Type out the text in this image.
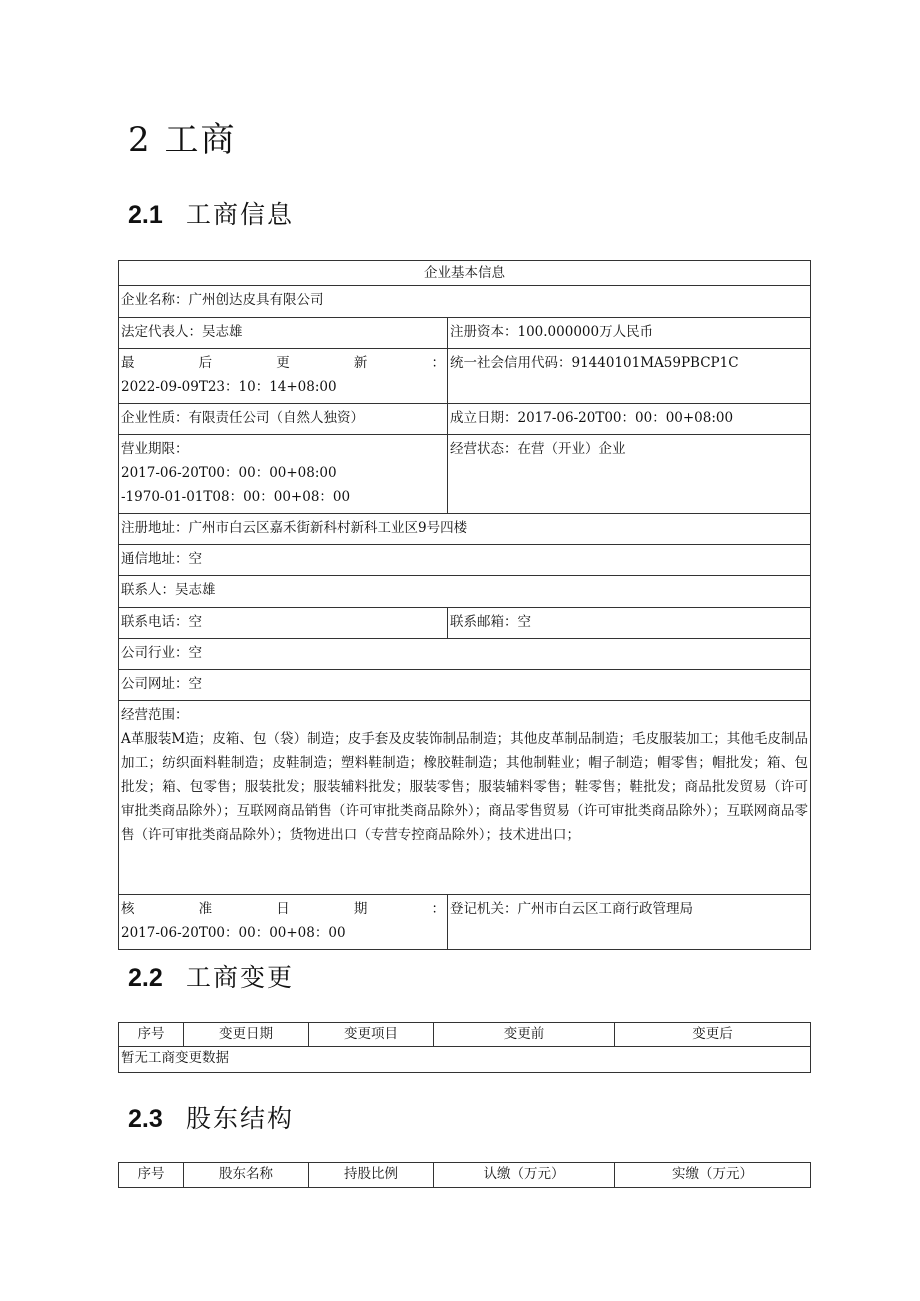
2 工商
2.1 工商信息
企业基本信息	
企业名称：广州创达皮具有限公司	
法定代表人：吴志雄	注册资本：100.000000万人民币

最后更新：
2022-09-09T23：10：14+08:00	统一社会信用代码：91440101MA59PBCP1C
企业性质：有限责任公司（自然人独资）	成立日期：2017-06-20T00：00：00+08:00

营业期限：
2017-06-20T00：00：00+08:00
-1970-01-01T08：00：00+08：00	经营状态：在营（开业）企业
注册地址：广州市白云区嘉禾街新科村新科工业区9号四楼	
通信地址：空	
联系人：吴志雄	
联系电话：空	联系邮箱：空
公司行业：空	
公司网址：空	

经营范围：
A革服装M造；皮箱、包（袋）制造；皮手套及皮装饰制品制造；其他皮革制品制造；毛皮服装加工；其他毛皮制品加工；纺织面料鞋制造；皮鞋制造；塑料鞋制造；橡胶鞋制造；其他制鞋业；帽子制造；帽零售；帽批发；箱、包批发；箱、包零售；服装批发；服装辅料批发；服装零售；服装辅料零售；鞋零售；鞋批发；商品批发贸易（许可审批类商品除外）；互联网商品销售（许可审批类商品除外）；商品零售贸易（许可审批类商品除外）；互联网商品零售（许可审批类商品除外）；货物进出口（专营专控商品除外）；技术进出口；	

核准日期：
2017-06-20T00：00：00+08：00	登记机关：广州市白云区工商行政管理局
2.2 工商变更
序号	变更日期	变更项目	变更前	变更后
暂无工商变更数据
2.3 股东结构
序号	股东名称	持股比例	认缴（万元）	实缴（万元）
